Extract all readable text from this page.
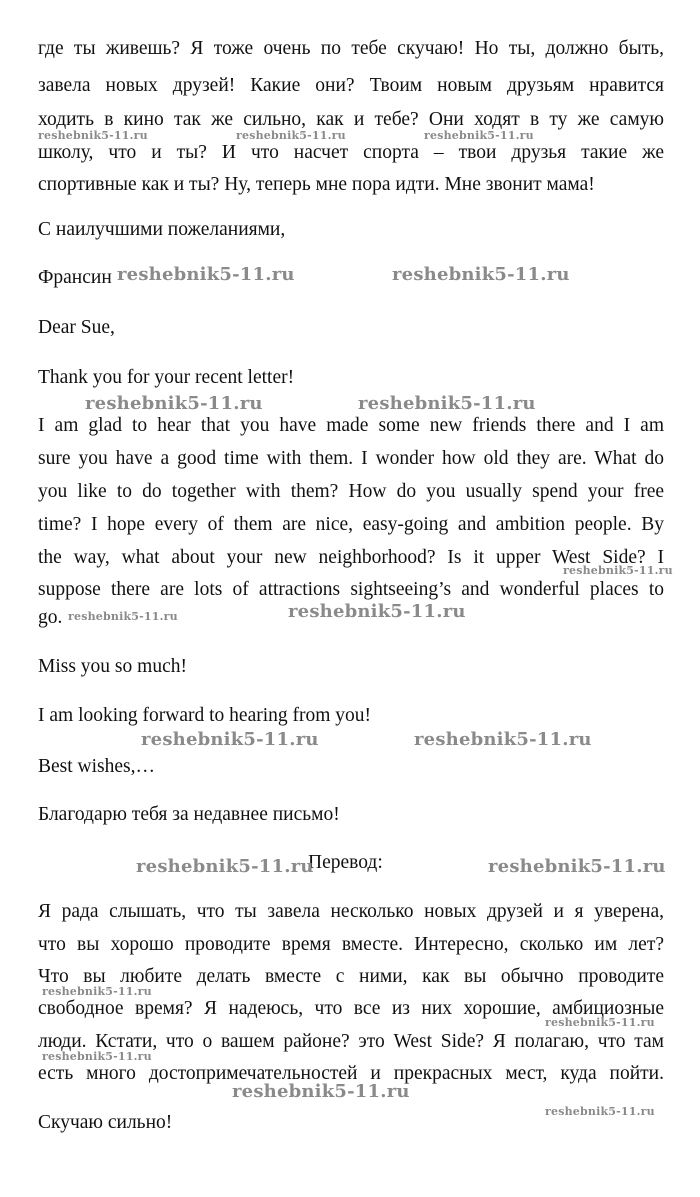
где ты живешь? Я тоже очень по тебе скучаю! Но ты, должно быть,
завела новых друзей! Какие они? Твоим новым друзьям нравится
ходить в кино так же сильно, как и тебе? Они ходят в ту же самую
школу, что и ты? И что насчет спорта – твои друзья такие же
спортивные как и ты? Ну, теперь мне пора идти. Мне звонит мама!
С наилучшими пожеланиями,
Франсин
Dear Sue,
Thank you for your recent letter!
I am glad to hear that you have made some new friends there and I am
sure you have a good time with them. I wonder how old they are. What do
you like to do together with them? How do you usually spend your free
time? I hope every of them are nice, easy-going and ambition people. By
the way, what about your new neighborhood? Is it upper West Side? I
suppose there are lots of attractions sightseeing’s and wonderful places to
go.
Miss you so much!
I am looking forward to hearing from you!
Best wishes,…
Благодарю тебя за недавнее письмо!
Перевод:
Я рада слышать, что ты завела несколько новых друзей и я уверена,
что вы хорошо проводите время вместе. Интересно, сколько им лет?
Что вы любите делать вместе с ними, как вы обычно проводите
свободное время? Я надеюсь, что все из них хорошие, амбициозные
люди. Кстати, что о вашем районе? это West Side? Я полагаю, что там
есть много достопримечательностей и прекрасных мест, куда пойти.
Скучаю сильно!
reshebnik5-11.ru	reshebnik5-11.ru	reshebnik5-11.ru
reshebnik5-11.ru	reshebnik5-11.ru
reshebnik5-11.ru	reshebnik5-11.ru
reshebnik5-11.ru
reshebnik5-11.ru	reshebnik5-11.ru
reshebnik5-11.ru	reshebnik5-11.ru
reshebnik5-11.ru	reshebnik5-11.ru
reshebnik5-11.ru
reshebnik5-11.ru
reshebnik5-11.ru
reshebnik5-11.ru
reshebnik5-11.ru
